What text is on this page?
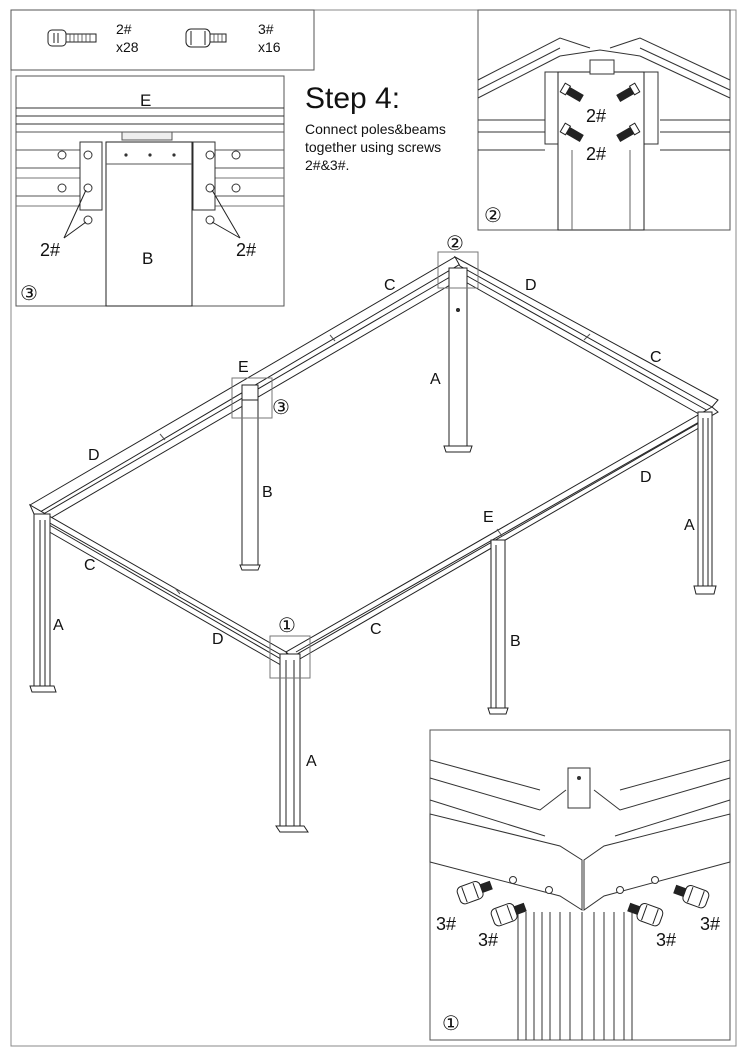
2#
x28
3#
x16
E
B
2#	2#
③
2#
2#
②
C	D
C
A
E
B
D
D
E	A
C
A
D
C
B
A
②
③
①
3#
3#	3#
3#
①
Step 4:
Connect poles&beams
together using screws
2#&3#.
